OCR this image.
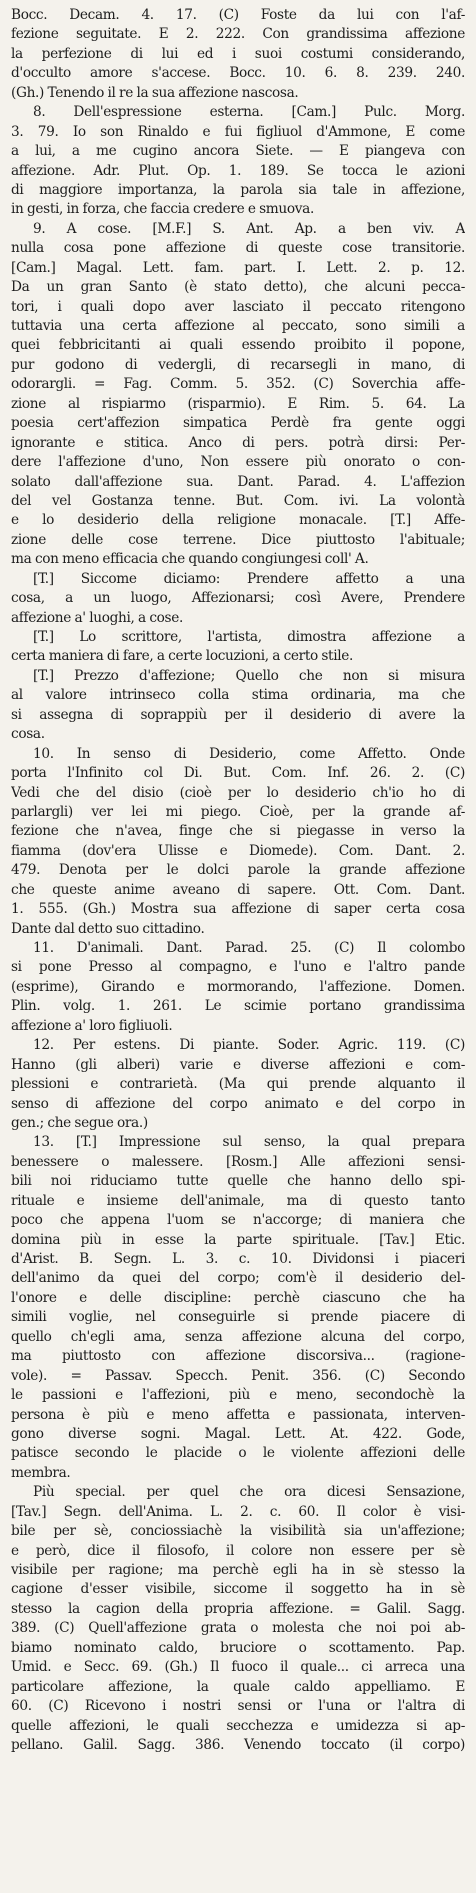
Bocc. Decam. 4. 17. (C) Foste da lui con l'af-
fezione seguitate. E 2. 222. Con grandissima affezione
la perfezione di lui ed i suoi costumi considerando,
d'occulto amore s'accese. Bocc. 10. 6. 8. 239. 240.
(Gh.) Tenendo il re la sua affezione nascosa.
8. Dell'espressione esterna. [Cam.] Pulc. Morg.
3. 79. Io son Rinaldo e fui figliuol d'Ammone, E come
a lui, a me cugino ancora Siete. — E piangeva con
affezione. Adr. Plut. Op. 1. 189. Se tocca le azioni
di maggiore importanza, la parola sia tale in affezione,
in gesti, in forza, che faccia credere e smuova.
9. A cose. [M.F.] S. Ant. Ap. a ben viv. A
nulla cosa pone affezione di queste cose transitorie.
[Cam.] Magal. Lett. fam. part. I. Lett. 2. p. 12.
Da un gran Santo (è stato detto), che alcuni pecca-
tori, i quali dopo aver lasciato il peccato ritengono
tuttavia una certa affezione al peccato, sono simili a
quei febbricitanti ai quali essendo proibito il popone,
pur godono di vedergli, di recarsegli in mano, di
odorargli. = Fag. Comm. 5. 352. (C) Soverchia affe-
zione al rispiarmo (risparmio). E Rim. 5. 64. La
poesia cert'affezion simpatica Perdè fra gente oggi
ignorante e stitica. Anco di pers. potrà dirsi: Per-
dere l'affezione d'uno, Non essere più onorato o con-
solato dall'affezione sua. Dant. Parad. 4. L'affezion
del vel Gostanza tenne. But. Com. ivi. La volontà
e lo desiderio della religione monacale. [T.] Affe-
zione delle cose terrene. Dice piuttosto l'abituale;
ma con meno efficacia che quando congiungesi coll' A.
[T.] Siccome diciamo: Prendere affetto a una
cosa, a un luogo, Affezionarsi; così Avere, Prendere
affezione a' luoghi, a cose.
[T.] Lo scrittore, l'artista, dimostra affezione a
certa maniera di fare, a certe locuzioni, a certo stile.
[T.] Prezzo d'affezione; Quello che non si misura
al valore intrinseco colla stima ordinaria, ma che
si assegna di soprappiù per il desiderio di avere la
cosa.
10. In senso di Desiderio, come Affetto. Onde
porta l'Infinito col Di. But. Com. Inf. 26. 2. (C)
Vedi che del disio (cioè per lo desiderio ch'io ho di
parlargli) ver lei mi piego. Cioè, per la grande af-
fezione che n'avea, finge che si piegasse in verso la
fiamma (dov'era Ulisse e Diomede). Com. Dant. 2.
479. Denota per le dolci parole la grande affezione
che queste anime aveano di sapere. Ott. Com. Dant.
1. 555. (Gh.) Mostra sua affezione di saper certa cosa
Dante dal detto suo cittadino.
11. D'animali. Dant. Parad. 25. (C) Il colombo
si pone Presso al compagno, e l'uno e l'altro pande
(esprime), Girando e mormorando, l'affezione. Domen.
Plin. volg. 1. 261. Le scimie portano grandissima
affezione a' loro figliuoli.
12. Per estens. Di piante. Soder. Agric. 119. (C)
Hanno (gli alberi) varie e diverse affezioni e com-
plessioni e contrarietà. (Ma qui prende alquanto il
senso di affezione del corpo animato e del corpo in
gen.; che segue ora.)
13. [T.] Impressione sul senso, la qual prepara
benessere o malessere. [Rosm.] Alle affezioni sensi-
bili noi riduciamo tutte quelle che hanno dello spi-
rituale e insieme dell'animale, ma di questo tanto
poco che appena l'uom se n'accorge; di maniera che
domina più in esse la parte spirituale. [Tav.] Etic.
d'Arist. B. Segn. L. 3. c. 10. Dividonsi i piaceri
dell'animo da quei del corpo; com'è il desiderio del-
l'onore e delle discipline: perchè ciascuno che ha
simili voglie, nel conseguirle si prende piacere di
quello ch'egli ama, senza affezione alcuna del corpo,
ma piuttosto con affezione discorsiva... (ragione-
vole). = Passav. Specch. Penit. 356. (C) Secondo
le passioni e l'affezioni, più e meno, secondochè la
persona è più e meno affetta e passionata, interven-
gono diverse sogni. Magal. Lett. At. 422. Gode,
patisce secondo le placide o le violente affezioni delle
membra.
Più special. per quel che ora dicesi Sensazione,
[Tav.] Segn. dell'Anima. L. 2. c. 60. Il color è visi-
bile per sè, conciossiachè la visibilità sia un'affezione;
e però, dice il filosofo, il colore non essere per sè
visibile per ragione; ma perchè egli ha in sè stesso la
cagione d'esser visibile, siccome il soggetto ha in sè
stesso la cagion della propria affezione. = Galil. Sagg.
389. (C) Quell'affezione grata o molesta che noi poi ab-
biamo nominato caldo, bruciore o scottamento. Pap.
Umid. e Secc. 69. (Gh.) Il fuoco il quale... ci arreca una
particolare affezione, la quale caldo appelliamo. E
60. (C) Ricevono i nostri sensi or l'una or l'altra di
quelle affezioni, le quali secchezza e umidezza si ap-
pellano. Galil. Sagg. 386. Venendo toccato (il corpo)
